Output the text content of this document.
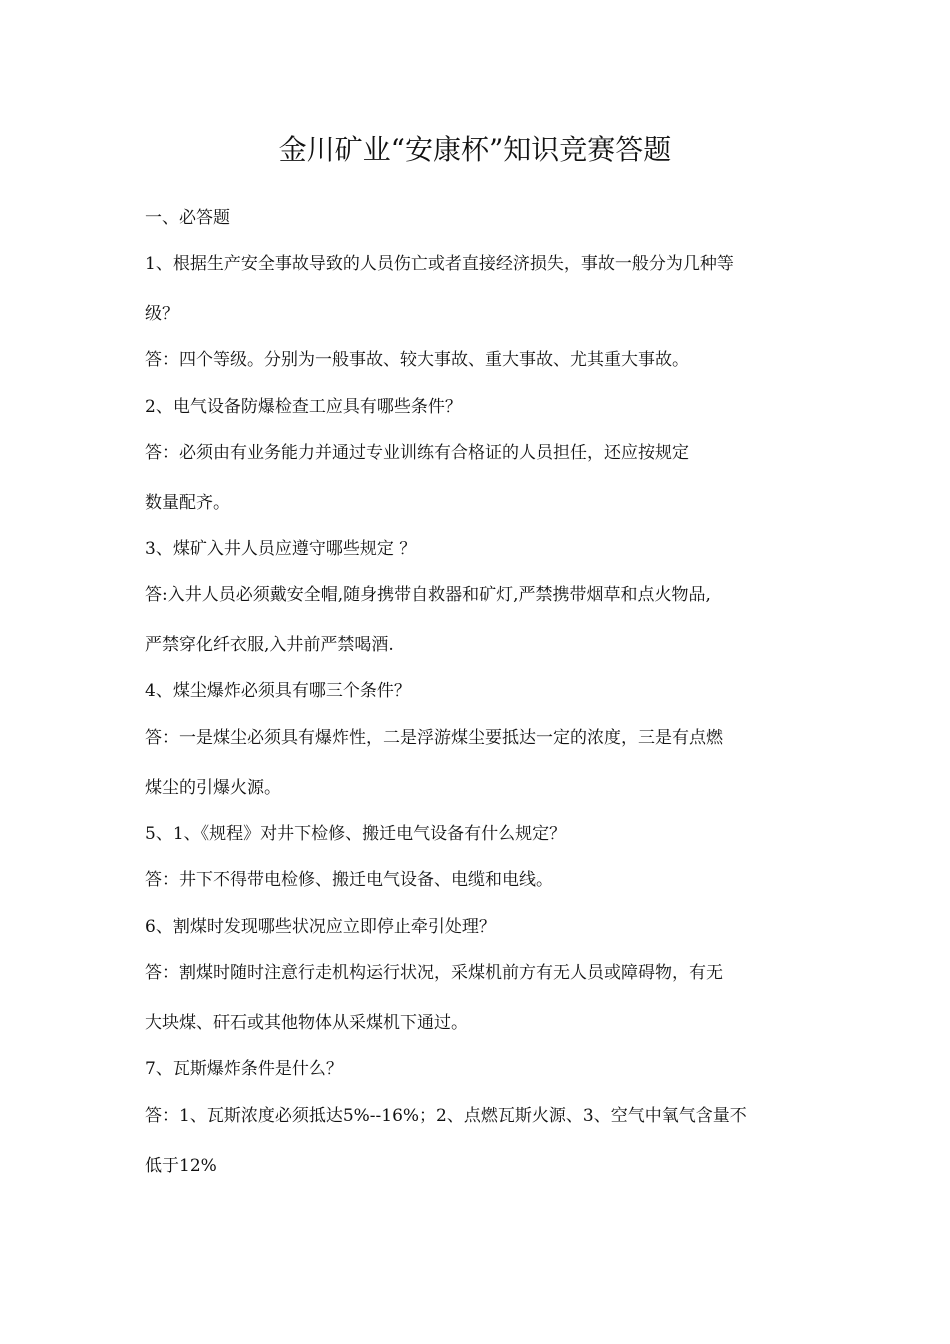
金川矿业“安康杯”知识竞赛答题
一、必答题
1、根据生产安全事故导致的人员伤亡或者直接经济损失，事故一般分为几种等
级？
答：四个等级。分别为一般事故、较大事故、重大事故、尤其重大事故。
2、电气设备防爆检查工应具有哪些条件？
答：必须由有业务能力并通过专业训练有合格证的人员担任，还应按规定
数量配齐。
3、煤矿入井人员应遵守哪些规定 ？
答:入井人员必须戴安全帽,随身携带自救器和矿灯,严禁携带烟草和点火物品,
严禁穿化纤衣服,入井前严禁喝酒.
4、煤尘爆炸必须具有哪三个条件？
答：一是煤尘必须具有爆炸性，二是浮游煤尘要抵达一定的浓度，三是有点燃
煤尘的引爆火源。
5、1、《规程》对井下检修、搬迁电气设备有什么规定？
答：井下不得带电检修、搬迁电气设备、电缆和电线。
6、割煤时发现哪些状况应立即停止牵引处理？
答：割煤时随时注意行走机构运行状况，采煤机前方有无人员或障碍物，有无
大块煤、矸石或其他物体从采煤机下通过。
7、瓦斯爆炸条件是什么？
答：1、瓦斯浓度必须抵达5%--16%；2、点燃瓦斯火源、3、空气中氧气含量不
低于12%
